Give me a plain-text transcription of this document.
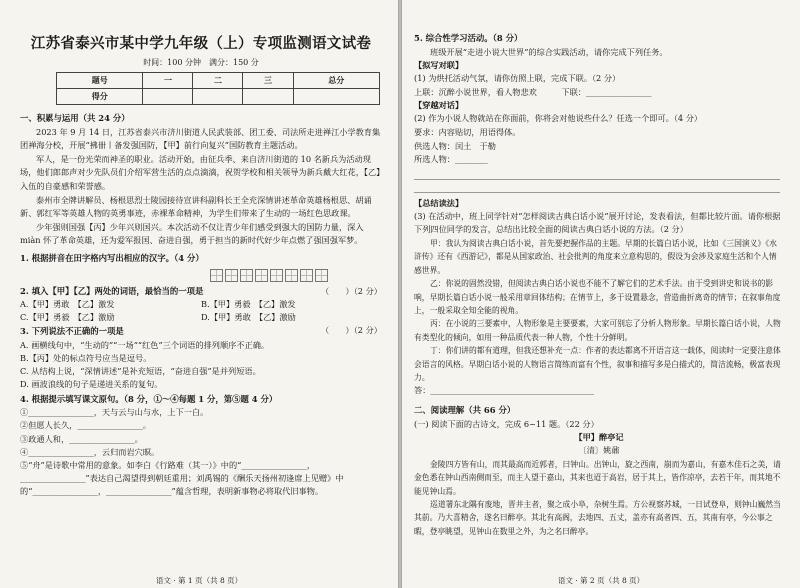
江苏省泰兴市某中学九年级（上）专项监测语文试卷
时间：100 分钟　满分：150 分
题号	一	二	三	总分
得分				

一、积累与运用（共 24 分）

2023 年 9 月 14 日，江苏省泰兴市济川街道人民武装部、团工委、司法所走进禅江小学教育集团禅海分校，开展“拂卌丨备发强国防，【甲】前行向复兴”国防教育主题活动。

军人，是一份光荣而神圣的职业。活动开始，由征兵季、来自济川街道的 10 名新兵为活动现场，他们郎郎声对少先队员们介绍军营生活的点点滴滴，祝贺学校和相关领导为新兵戴大红花，【乙】入伍的自豪感和荣誉感。

泰州市全牌讲解员、杨根思烈士陵园接待宣讲科副科长王全充深情讲述革命英雄杨根思、胡诵新、郭红军等英雄人物的英勇事迹，赤裸革命精神，为学生们带来了生动的一场红色思政课。

少年强则国强【丙】少年兴则国兴。本次活动不仅让青少年们感受到强大的国防力量，深入 miàn 怀了革命英雄，还为爱军报国、奋进自强，勇于担当的新时代好少年点燃了强国强军梦。

1. 根据拼音在田字格内写出相应的汉字。（4 分）

2. 填入【甲】【乙】两处的词语，最恰当的一项是	（　　）（2 分）

A.【甲】勇敢　【乙】激发	B.【甲】勇毅　【乙】激发
C.【甲】勇毅　【乙】激励	D.【甲】勇敢　【乙】激励

3. 下列说法不正确的一项是	（　　）（2 分）

A. 画横线句中，“生动的”“一场”“红色”三个词语的排列顺序不正确。

B.【丙】处的标点符号应当是逗号。

C. 从结构上说，“深情讲述”是补充短语，“奋进自强”是并列短语。

D. 画波浪线的句子是递进关系的复句。

4. 根据提示填写课文原句。（8 分，①～④每题 1 分，第⑤题 4 分）

①________________，天与云与山与水，上下一白。

②但愿人长久，________________。

③政通人和，________________。

④________________，云归而岩穴暝。

⑤“舟”是诗歌中常用的意象。如李白《行路难（其一）》中的“________________，________________”表达自己渴望得到朝廷重用；刘禹锡的《酬乐天扬州初逢席上见赠》中的“________________，________________”蕴含哲理，表明新事物必将取代旧事物。

语文 · 第 1 页（共 8 页）

5. 综合性学习活动。（8 分）

班级开展“走进小说大世界”的综合实践活动，请你完成下列任务。

【拟写对联】

(1) 为烘托活动气氛，请你仿照上联，完成下联。（2 分）

上联：沉醉小说世界，看人物悲欢　　　下联：________________

【穿越对话】

(2) 作为小说人物就站在你面前，你将会对他说些什么？任选一个即可。（4 分）

要求：内容贴切，用语得体。

供选人物：闰土　于勒

所选人物：________

【总结读法】

(3) 在活动中，班上同学针对“怎样阅读古典白话小说”展开讨论，发表看法，但都比较片面。请你根据下列四位同学的发言，总结出比较全面的阅读古典白话小说的方法。（2 分）

甲：我认为阅读古典白话小说，首先要把握作品的主题。早期的长篇白话小说，比如《三国演义》《水浒传》还有《西游记》，都是从国家政治、社会批判的角度来立意构思的，假设为会涉及家庭生活和个人情感世界。

乙：你说的固然没错，但阅读古典白话小说也不能不了解它们的艺术手法。由于受到讲史和说书的影响，早期长篇白话小说一般采用章回体结构；在情节上，多于设置悬念，营造曲折离奇的情节；在叙事角度上，一般采取全知全能的视角。

丙：在小说的三要素中，人物形象是主要要素，大家可别忘了分析人物形象。早期长篇白话小说，人物有类型化的倾向，如用一种品质代表一种人物，个性十分鲜明。

丁：你们讲的都有道理，但我还想补充一点：作者的表达都离不开语言这一载体，阅读时一定要注意体会语言的风格。早期白话小说的人物语言简练而富有个性，叙事和描写多是白描式的，简洁流畅，极富表现力。

答：________________________________________

二、阅读理解（共 66 分）

(一) 阅读下面的古诗文，完成 6~11 题。（22 分）

【甲】醉亭记

〔清〕姚鼐

金陵四方皆有山，而其最高而近郭者，曰钟山。出钟山，旋之西南，崩而为嘉山，有嘉木佳石之美，请金色悉在钟山西南侧而至，而主人望于嘉山，其来也迢于高岩，居于其上，皆作凉亭，去若干年，而其地不能见钟山焉。

巡道署东北隅有废地，晋井主者，聚之成小阜，杂树生焉。方公视察苏城，一日试登阜，则钟山巍然当其前。乃大喜精舍，遂名曰醉亭。其北有高阁，去地四、五丈，盖亦有高者四、五，其南有亭，今公事之暇，登亭眺望，见钟山在数里之外，为之名曰醉亭。

语文 · 第 2 页（共 8 页）
